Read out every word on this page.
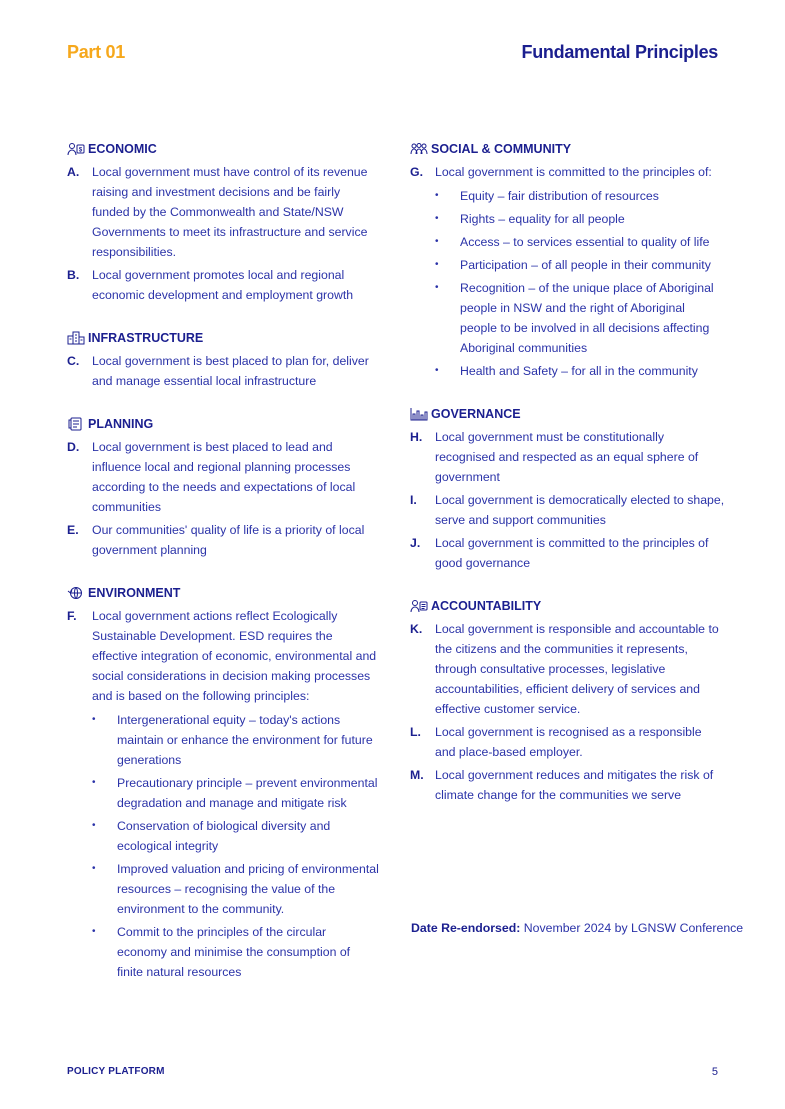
Part 01	Fundamental Principles
$ ECONOMIC
A.	Local government must have control of its revenue raising and investment decisions and be fairly funded by the Commonwealth and State/NSW Governments to meet its infrastructure and service responsibilities.
B.	Local government promotes local and regional economic development and employment growth
INFRASTRUCTURE
C.	Local government is best placed to plan for, deliver and manage essential local infrastructure
PLANNING
D.	Local government is best placed to lead and influence local and regional planning processes according to the needs and expectations of local communities
E.	Our communities' quality of life is a priority of local government planning
ENVIRONMENT
F.	Local government actions reflect Ecologically Sustainable Development. ESD requires the effective integration of economic, environmental and social considerations in decision making processes and is based on the following principles:
•	Intergenerational equity – today's actions maintain or enhance the environment for future generations
•	Precautionary principle – prevent environmental degradation and manage and mitigate risk
•	Conservation of biological diversity and ecological integrity
•	Improved valuation and pricing of environmental resources – recognising the value of the environment to the community.
•	Commit to the principles of the circular economy and minimise the consumption of finite natural resources
SOCIAL & COMMUNITY
G. Local government is committed to the principles of:
•	Equity – fair distribution of resources
•	Rights – equality for all people
•	Access – to services essential to quality of life
•	Participation – of all people in their community
•	Recognition – of the unique place of Aboriginal people in NSW and the right of Aboriginal people to be involved in all decisions affecting Aboriginal communities
•	Health and Safety – for all in the community
GOVERNANCE
H.	Local government must be constitutionally recognised and respected as an equal sphere of government
I.	Local government is democratically elected to shape, serve and support communities
J.	Local government is committed to the principles of good governance
ACCOUNTABILITY
K.	Local government is responsible and accountable to the citizens and the communities it represents, through consultative processes, legislative accountabilities, efficient delivery of services and effective customer service.
L.	Local government is recognised as a responsible and place-based employer.
M. Local government reduces and mitigates the risk of climate change for the communities we serve
Date Re-endorsed: November 2024 by LGNSW Conference
POLICY PLATFORM	5
